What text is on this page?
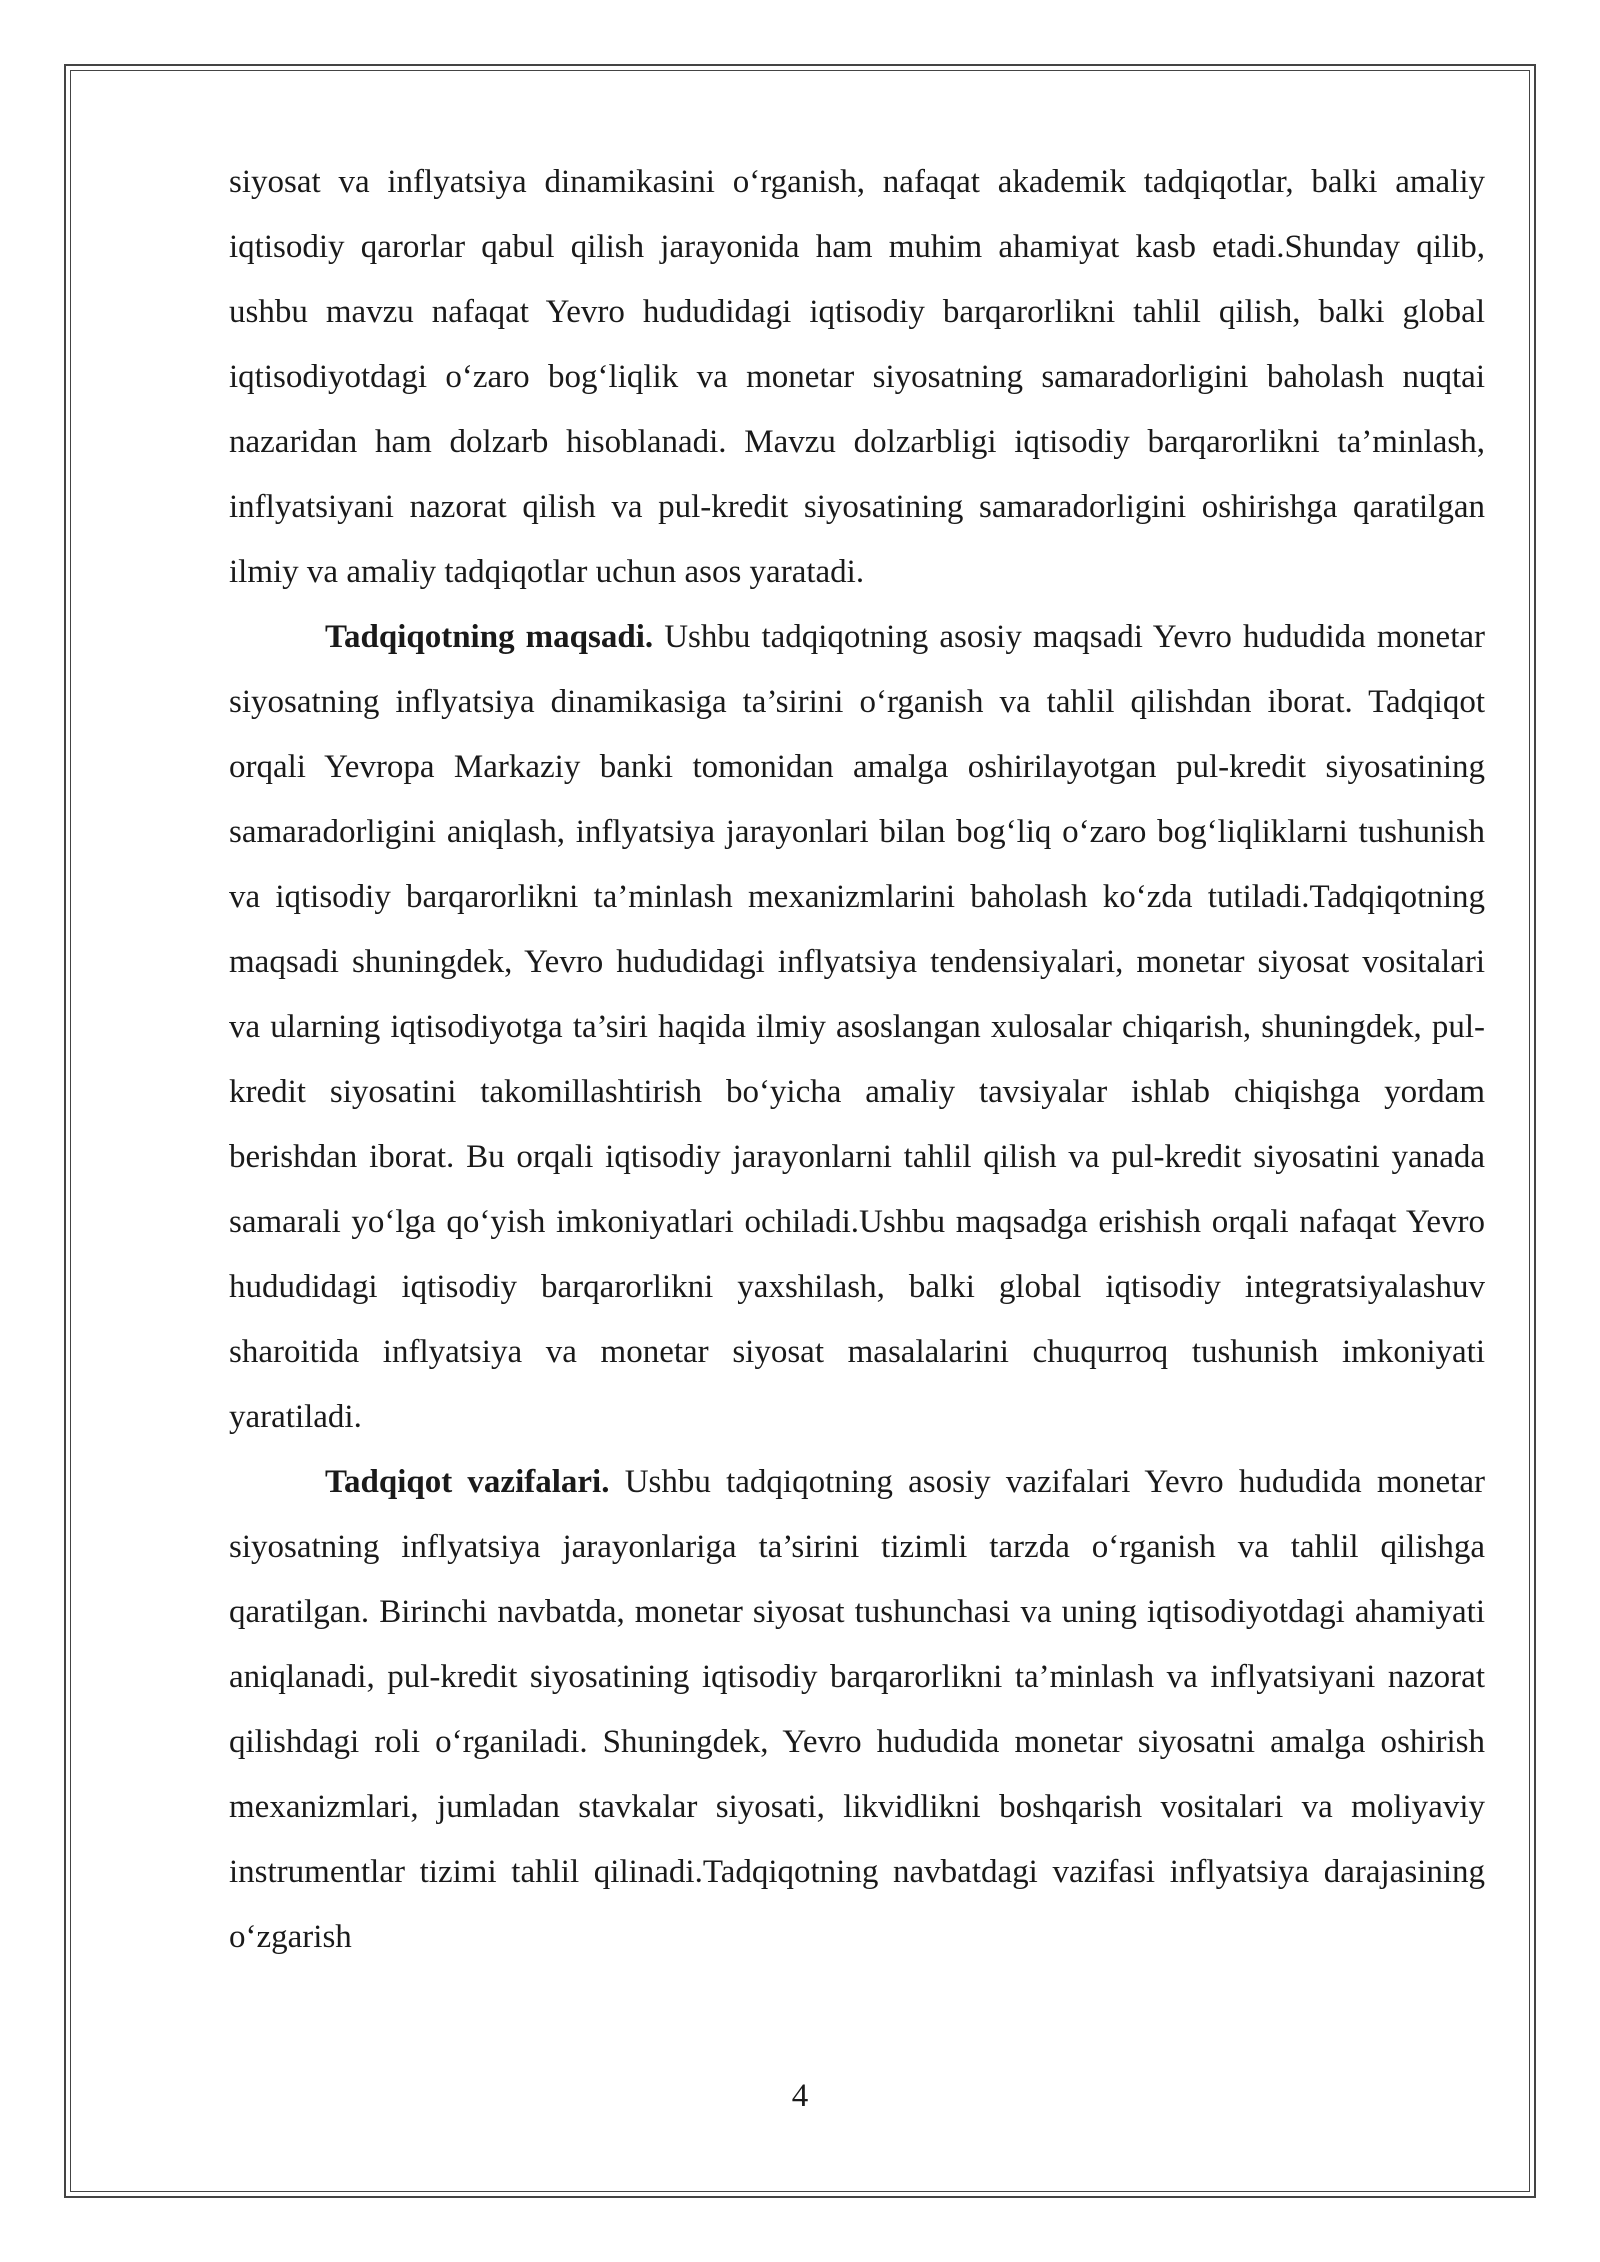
siyosat va inflyatsiya dinamikasini o‘rganish, nafaqat akademik tadqiqotlar, balki amaliy iqtisodiy qarorlar qabul qilish jarayonida ham muhim ahamiyat kasb etadi.Shunday qilib, ushbu mavzu nafaqat Yevro hududidagi iqtisodiy barqarorlikni tahlil qilish, balki global iqtisodiyotdagi o‘zaro bog‘liqlik va monetar siyosatning samaradorligini baholash nuqtai nazaridan ham dolzarb hisoblanadi. Mavzu dolzarbligi iqtisodiy barqarorlikni ta’minlash, inflyatsiyani nazorat qilish va pul-kredit siyosatining samaradorligini oshirishga qaratilgan ilmiy va amaliy tadqiqotlar uchun asos yaratadi.

Tadqiqotning maqsadi. Ushbu tadqiqotning asosiy maqsadi Yevro hududida monetar siyosatning inflyatsiya dinamikasiga ta’sirini o‘rganish va tahlil qilishdan iborat. Tadqiqot orqali Yevropa Markaziy banki tomonidan amalga oshirilayotgan pul-kredit siyosatining samaradorligini aniqlash, inflyatsiya jarayonlari bilan bog‘liq o‘zaro bog‘liqliklarni tushunish va iqtisodiy barqarorlikni ta’minlash mexanizmlarini baholash ko‘zda tutiladi.Tadqiqotning maqsadi shuningdek, Yevro hududidagi inflyatsiya tendensiyalari, monetar siyosat vositalari va ularning iqtisodiyotga ta’siri haqida ilmiy asoslangan xulosalar chiqarish, shuningdek, pul-kredit siyosatini takomillashtirish bo‘yicha amaliy tavsiyalar ishlab chiqishga yordam berishdan iborat. Bu orqali iqtisodiy jarayonlarni tahlil qilish va pul-kredit siyosatini yanada samarali yo‘lga qo‘yish imkoniyatlari ochiladi.Ushbu maqsadga erishish orqali nafaqat Yevro hududidagi iqtisodiy barqarorlikni yaxshilash, balki global iqtisodiy integratsiyalashuv sharoitida inflyatsiya va monetar siyosat masalalarini chuqurroq tushunish imkoniyati yaratiladi.

Tadqiqot vazifalari. Ushbu tadqiqotning asosiy vazifalari Yevro hududida monetar siyosatning inflyatsiya jarayonlariga ta’sirini tizimli tarzda o‘rganish va tahlil qilishga qaratilgan. Birinchi navbatda, monetar siyosat tushunchasi va uning iqtisodiyotdagi ahamiyati aniqlanadi, pul-kredit siyosatining iqtisodiy barqarorlikni ta’minlash va inflyatsiyani nazorat qilishdagi roli o‘rganiladi. Shuningdek, Yevro hududida monetar siyosatni amalga oshirish mexanizmlari, jumladan stavkalar siyosati, likvidlikni boshqarish vositalari va moliyaviy instrumentlar tizimi tahlil qilinadi.Tadqiqotning navbatdagi vazifasi inflyatsiya darajasining o‘zgarish

4
